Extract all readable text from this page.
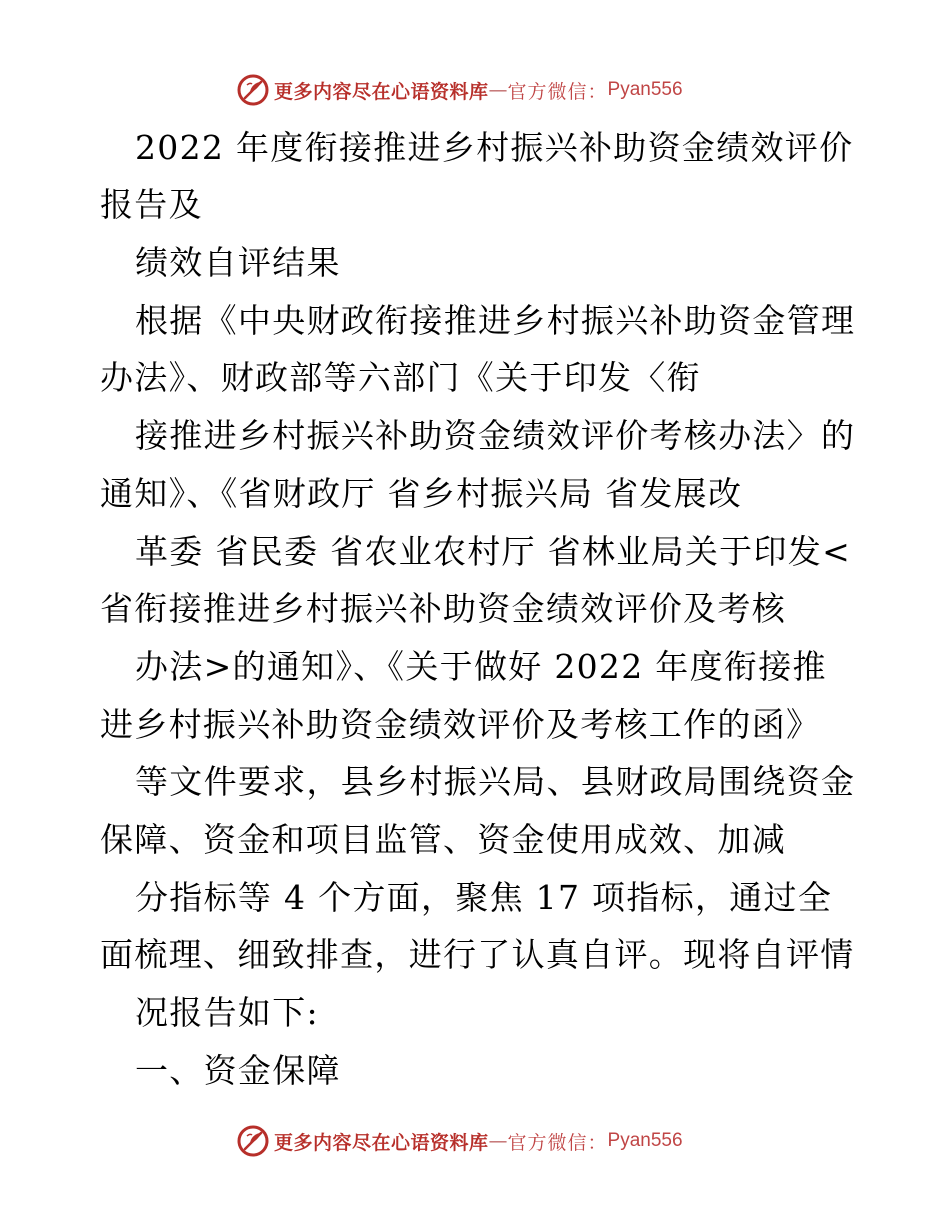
更多内容尽在心语资料库 — 官方微信： Pyan556
2022 年度衔接推进乡村振兴补助资金绩效评价
报告及
绩效自评结果
根据《中央财政衔接推进乡村振兴补助资金管理
办法》、财政部等六部门《关于印发〈衔
接推进乡村振兴补助资金绩效评价考核办法〉的
通知》、《省财政厅 省乡村振兴局 省发展改
革委 省民委 省农业农村厅 省林业局关于印发<
省衔接推进乡村振兴补助资金绩效评价及考核
办法>的通知》、《关于做好 2022 年度衔接推
进乡村振兴补助资金绩效评价及考核工作的函》
等文件要求，县乡村振兴局、县财政局围绕资金
保障、资金和项目监管、资金使用成效、加减
分指标等 4 个方面，聚焦 17 项指标，通过全
面梳理、细致排查，进行了认真自评。现将自评情
况报告如下:
一、资金保障
更多内容尽在心语资料库 — 官方微信： Pyan556
